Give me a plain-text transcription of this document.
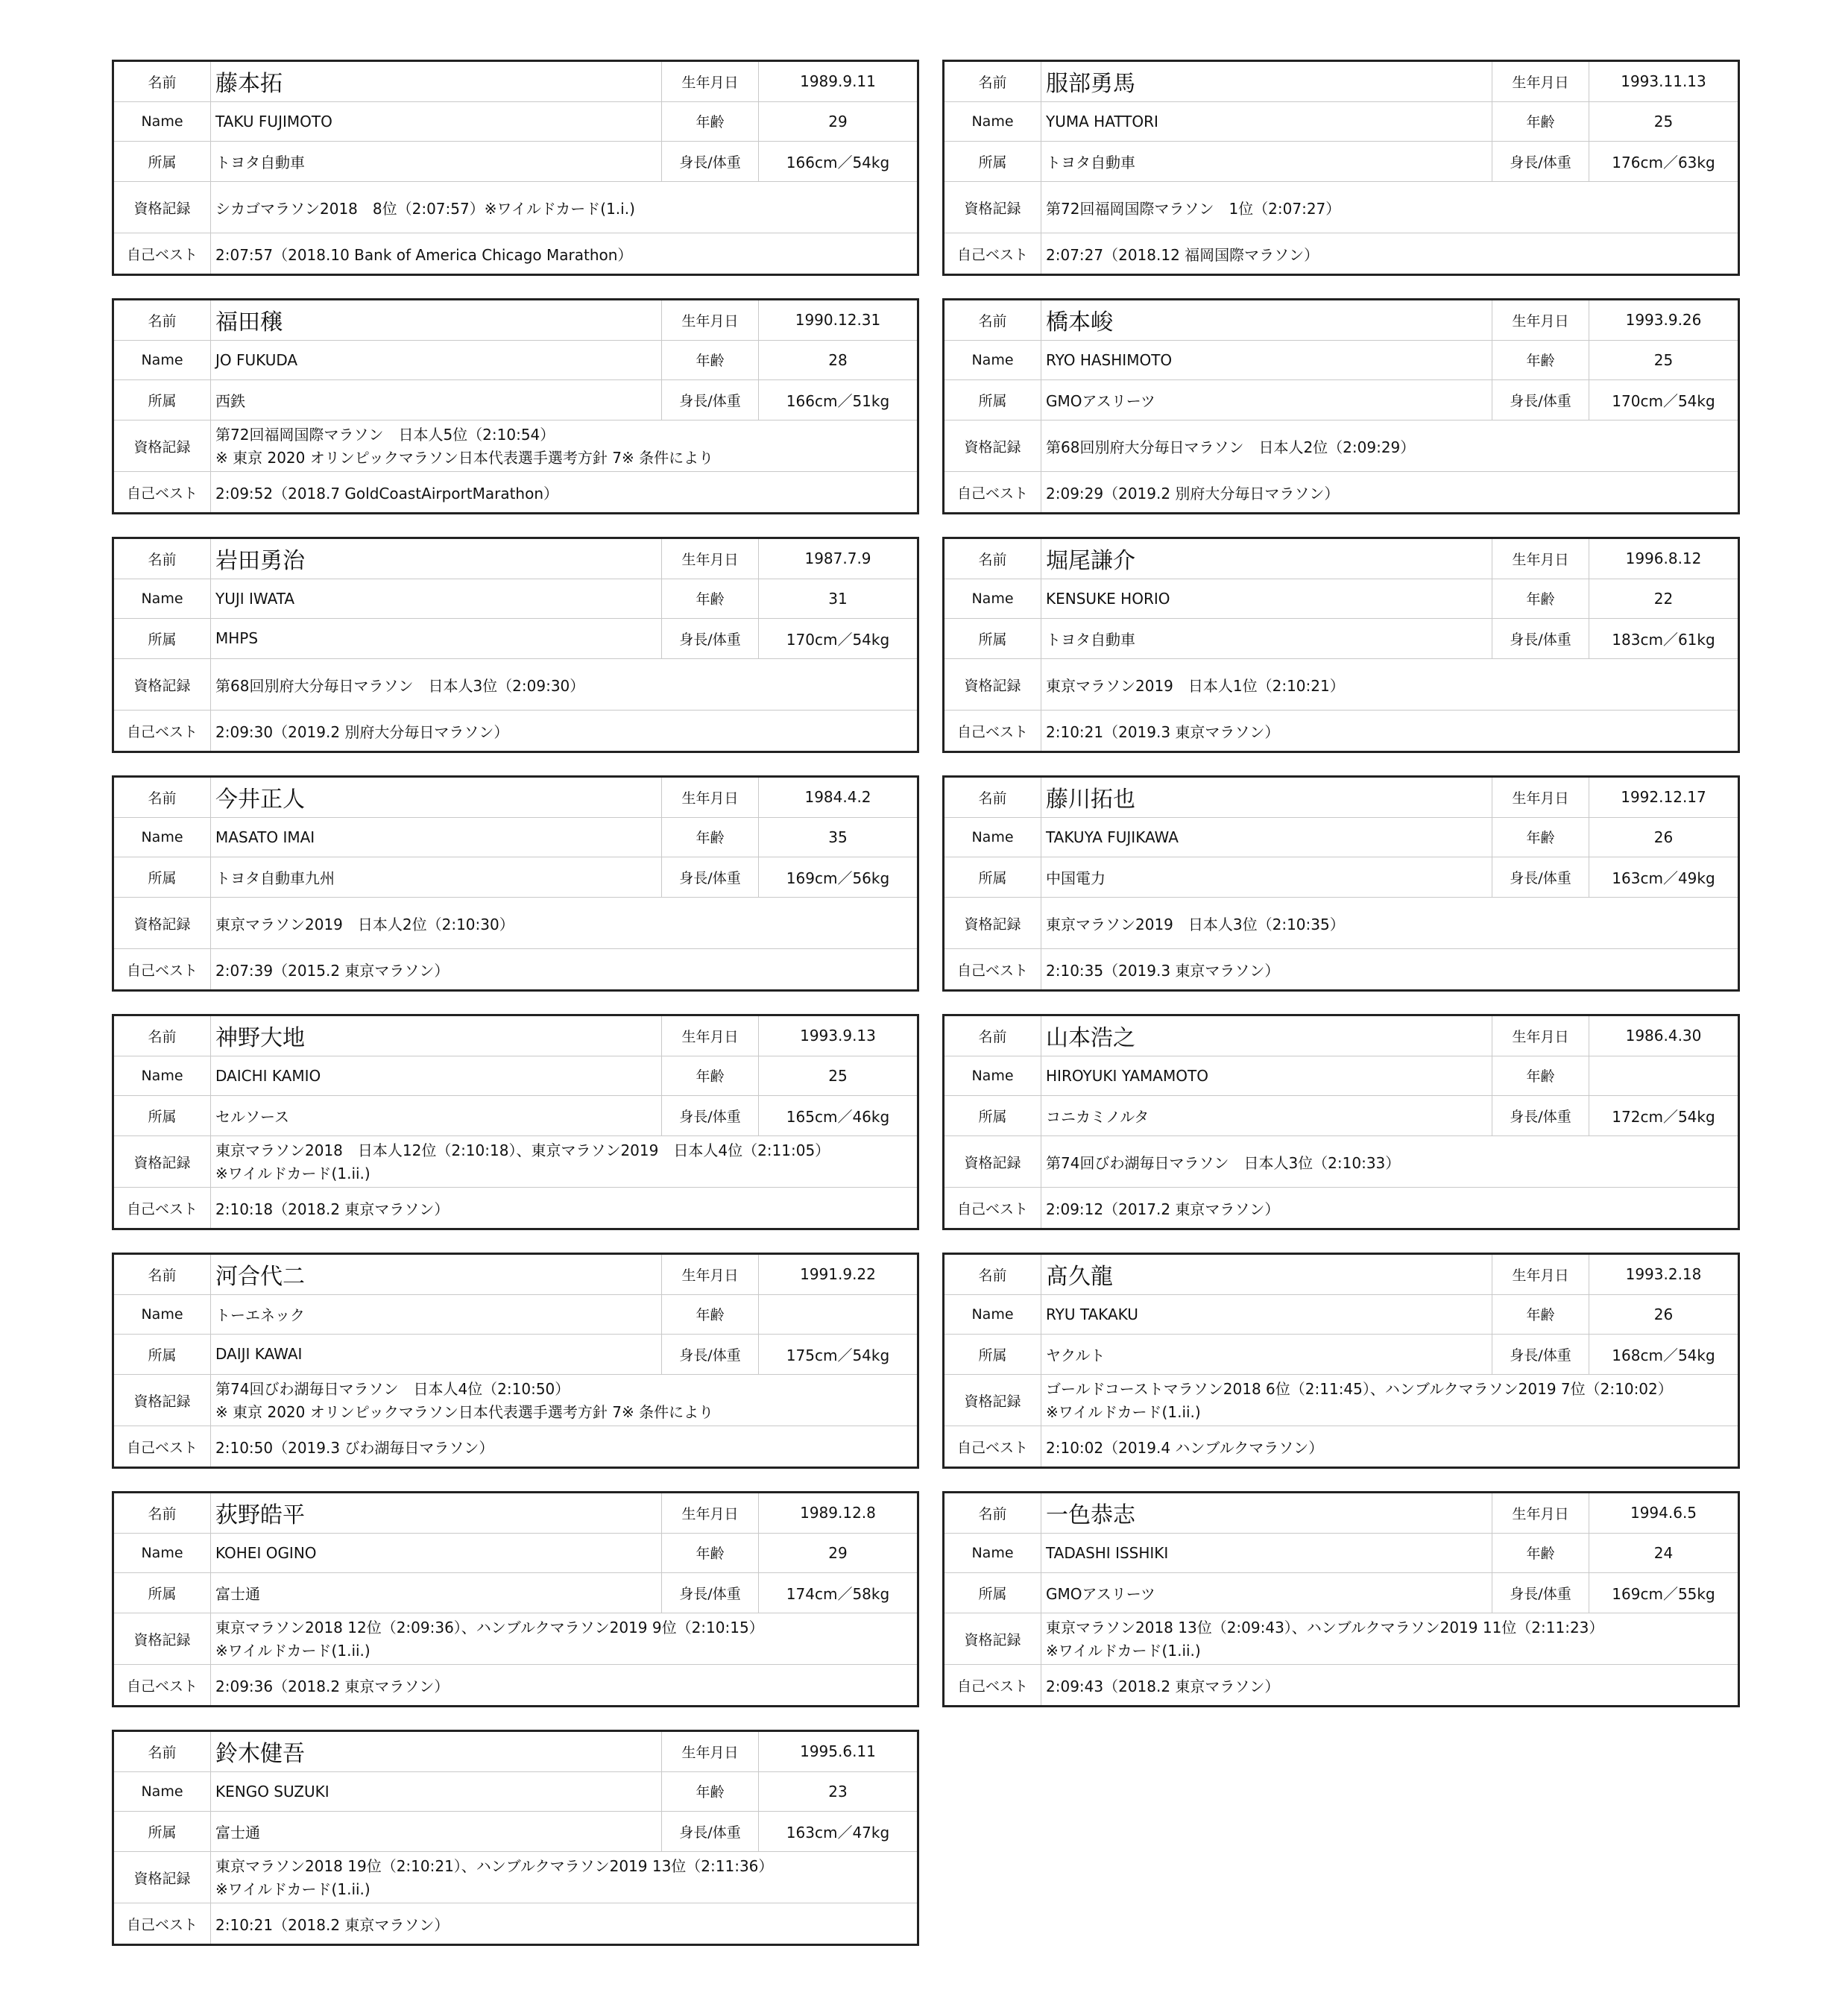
名前	藤本拓	生年月日	1989.9.11
Name	TAKU FUJIMOTO	年齢	29
所属	トヨタ自動車	身長/体重	166cm／54kg
資格記録	シカゴマラソン2018　8位（2:07:57）※ワイルドカード(1.i.)
自己ベスト	2:07:57（2018.10 Bank of America Chicago Marathon）
名前	服部勇馬	生年月日	1993.11.13
Name	YUMA HATTORI	年齢	25
所属	トヨタ自動車	身長/体重	176cm／63kg
資格記録	第72回福岡国際マラソン　1位（2:07:27）
自己ベスト	2:07:27（2018.12 福岡国際マラソン）
名前	福田穣	生年月日	1990.12.31
Name	JO FUKUDA	年齢	28
所属	西鉄	身長/体重	166cm／51kg
資格記録
第72回福岡国際マラソン　日本人5位（2:10:54）
※ 東京 2020 オリンピックマラソン日本代表選手選考方針 7※ 条件により
自己ベスト	2:09:52（2018.7 GoldCoastAirportMarathon）
名前	橋本峻	生年月日	1993.9.26
Name	RYO HASHIMOTO	年齢	25
所属	GMOアスリーツ	身長/体重	170cm／54kg
資格記録	第68回別府大分毎日マラソン　日本人2位（2:09:29）
自己ベスト	2:09:29（2019.2 別府大分毎日マラソン）
名前	岩田勇治	生年月日	1987.7.9
Name	YUJI IWATA	年齢	31
所属	MHPS	身長/体重	170cm／54kg
資格記録	第68回別府大分毎日マラソン　日本人3位（2:09:30）
自己ベスト	2:09:30（2019.2 別府大分毎日マラソン）
名前	堀尾謙介	生年月日	1996.8.12
Name	KENSUKE HORIO	年齢	22
所属	トヨタ自動車	身長/体重	183cm／61kg
資格記録	東京マラソン2019　日本人1位（2:10:21）
自己ベスト	2:10:21（2019.3 東京マラソン）
名前	今井正人	生年月日	1984.4.2
Name	MASATO IMAI	年齢	35
所属	トヨタ自動車九州	身長/体重	169cm／56kg
資格記録	東京マラソン2019　日本人2位（2:10:30）
自己ベスト	2:07:39（2015.2 東京マラソン）
名前	藤川拓也	生年月日	1992.12.17
Name	TAKUYA FUJIKAWA	年齢	26
所属	中国電力	身長/体重	163cm／49kg
資格記録	東京マラソン2019　日本人3位（2:10:35）
自己ベスト	2:10:35（2019.3 東京マラソン）
名前	神野大地	生年月日	1993.9.13
Name	DAICHI KAMIO	年齢	25
所属	セルソース	身長/体重	165cm／46kg
資格記録
東京マラソン2018　日本人12位（2:10:18）、東京マラソン2019　日本人4位（2:11:05）
※ワイルドカード(1.ii.)
自己ベスト	2:10:18（2018.2 東京マラソン）
名前	山本浩之	生年月日	1986.4.30
Name	HIROYUKI YAMAMOTO	年齢
所属	コニカミノルタ	身長/体重	172cm／54kg
資格記録	第74回びわ湖毎日マラソン　日本人3位（2:10:33）
自己ベスト	2:09:12（2017.2 東京マラソン）
名前	河合代二	生年月日	1991.9.22
Name	トーエネック	年齢
所属	DAIJI KAWAI	身長/体重	175cm／54kg
資格記録
第74回びわ湖毎日マラソン　日本人4位（2:10:50）
※ 東京 2020 オリンピックマラソン日本代表選手選考方針 7※ 条件により
自己ベスト	2:10:50（2019.3 びわ湖毎日マラソン）
名前	髙久龍	生年月日	1993.2.18
Name	RYU TAKAKU	年齢	26
所属	ヤクルト	身長/体重	168cm／54kg
資格記録
ゴールドコーストマラソン2018 6位（2:11:45）、ハンブルクマラソン2019 7位（2:10:02）
※ワイルドカード(1.ii.)
自己ベスト	2:10:02（2019.4 ハンブルクマラソン）
名前	荻野皓平	生年月日	1989.12.8
Name	KOHEI OGINO	年齢	29
所属	富士通	身長/体重	174cm／58kg
資格記録
東京マラソン2018 12位（2:09:36）、ハンブルクマラソン2019 9位（2:10:15）
※ワイルドカード(1.ii.)
自己ベスト	2:09:36（2018.2 東京マラソン）
名前	一色恭志	生年月日	1994.6.5
Name	TADASHI ISSHIKI	年齢	24
所属	GMOアスリーツ	身長/体重	169cm／55kg
資格記録
東京マラソン2018 13位（2:09:43）、ハンブルクマラソン2019 11位（2:11:23）
※ワイルドカード(1.ii.)
自己ベスト	2:09:43（2018.2 東京マラソン）
名前	鈴木健吾	生年月日	1995.6.11
Name	KENGO SUZUKI	年齢	23
所属	富士通	身長/体重	163cm／47kg
資格記録
東京マラソン2018 19位（2:10:21）、ハンブルクマラソン2019 13位（2:11:36）
※ワイルドカード(1.ii.)
自己ベスト	2:10:21（2018.2 東京マラソン）
